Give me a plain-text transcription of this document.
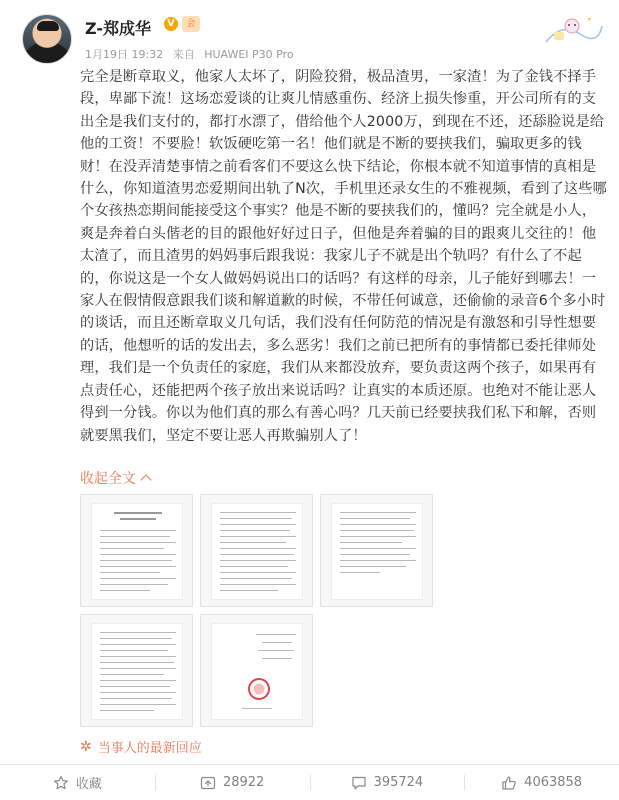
Z-郑成华	V	会
1月19日 19:32 来自 HUAWEI P30 Pro
完全是断章取义，他家人太坏了，阴险狡猾，极品渣男，一家渣！为了金钱不择手段，卑鄙下流！这场恋爱谈的让爽儿情感重伤、经济上损失惨重，开公司所有的支出全是我们支付的，都打水漂了，借给他个人2000万，到现在不还，还舔脸说是给他的工资！不要脸！软饭硬吃第一名！他们就是不断的要挟我们，骗取更多的钱财！在没弄清楚事情之前看客们不要这么快下结论，你根本就不知道事情的真相是什么，你知道渣男恋爱期间出轨了N次，手机里还录女生的不雅视频，看到了这些哪个女孩热恋期间能接受这个事实？他是不断的要挟我们的，懂吗？完全就是小人，爽是奔着白头偕老的目的跟他好好过日子，但他是奔着骗的目的跟爽儿交往的！他太渣了，而且渣男的妈妈事后跟我说：我家儿子不就是出个轨吗？有什么了不起的，你说这是一个女人做妈妈说出口的话吗？有这样的母亲，儿子能好到哪去！一家人在假情假意跟我们谈和解道歉的时候，不带任何诚意，还偷偷的录音6个多小时的谈话，而且还断章取义几句话，我们没有任何防范的情况是有激怒和引导性想要的话，他想听的话的发出去，多么恶劣！我们之前已把所有的事情都已委托律师处理，我们是一个负责任的家庭，我们从来都没放弃，要负责这两个孩子，如果再有点责任心，还能把两个孩子放出来说话吗？让真实的本质还原。也绝对不能让恶人得到一分钱。你以为他们真的那么有善心吗？几天前已经要挟我们私下和解，否则就要黑我们，坚定不要让恶人再欺骗别人了！
收起全文
✲ 当事人的最新回应
收藏	28922	395724	4063858
